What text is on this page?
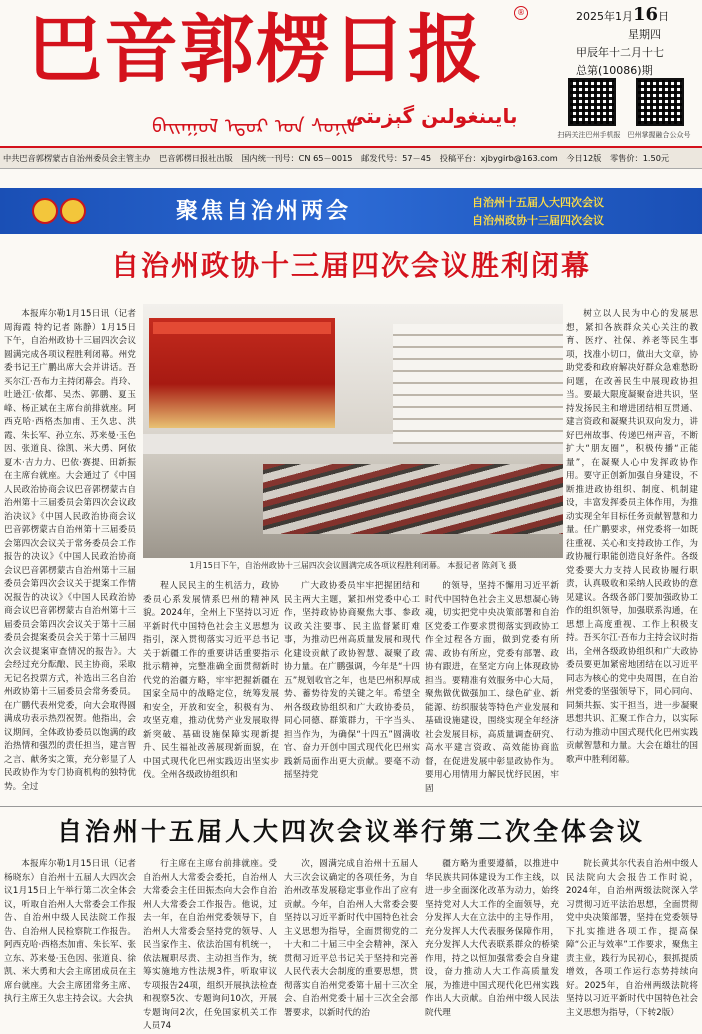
巴音郭楞日报	®
ᠪᠠᠢᠨᠭᠣᠯ ᠡᠳᠦᠷ ᠤᠨ ᠰᠣᠨᠢᠨ
بايىنغولىن گېزىتى
2025年1月16日
星期四
甲辰年十二月十七
总第(10086)期
扫码关注巴州手机报 巴州掌握融合公众号
中共巴音郭楞蒙古自治州委员会主管主办 巴音郭楞日报社出版 国内统一刊号：CN 65－0015 邮发代号：57－45 投稿平台：xjbygirb@163.com 今日12版 零售价：1.50元
聚焦自治州两会	自治州十五届人大四次会议
自治州政协十三届四次会议
自治州政协十三届四次会议胜利闭幕

本报库尔勒1月15日讯（记者 周海霞 特约记者 陈静）1月15日下午，自治州政协十三届四次会议圆满完成各项议程胜利闭幕。州党委书记王广鹏出席大会并讲话。吾买尔江·吾布力主持闭幕会。肖玲、吐逊江·依都、吴杰、郭鹏、夏玉峰、杨正斌在主席台前排就座。阿西克哈·西格杰加甫、王久忠、洪霞、朱长军、孙立东、苏来曼·玉色因、张道良、徐凯、米大勇、阿依夏木·吉力力、巴依·赛提、田新振在主席台就座。大会通过了《中国人民政治协商会议巴音郭楞蒙古自治州第十三届委员会第四次会议政治决议》《中国人民政治协商会议巴音郭楞蒙古自治州第十三届委员会第四次会议关于常务委员会工作报告的决议》《中国人民政治协商会议巴音郭楞蒙古自治州第十三届委员会第四次会议关于提案工作情况报告的决议》《中国人民政治协商会议巴音郭楞蒙古自治州第十三届委员会第四次会议关于第十三届委员会提案委员会关于第十三届四次会议提案审查情况的报告》。大会经过充分酝酿、民主协商，采取无记名投票方式，补选出三名自治州政协第十三届委员会常务委员。在广鹏代表州党委，向大会取得圆满成功表示热烈祝贺。他指出，会议期间，全体政协委员以饱满的政治热情和强烈的责任担当，建言智之言、献务实之策，充分彰显了人民政协作为专门协商机构的独特优势。全过

1月15日下午，自治州政协十三届四次会议圆满完成各项议程胜利闭幕。 本报记者 陈剑飞 摄

程人民民主的生机活力，政协委员心系发展情系巴州的精神风貌。2024年，全州上下坚持以习近平新时代中国特色社会主义思想为指引，深入贯彻落实习近平总书记关于新疆工作的重要讲话重要指示批示精神，完整准确全面贯彻新时代党的治疆方略，牢牢把握新疆在国家全局中的战略定位，统筹发展和安全，开放和安全，积极有为、攻坚克难，推动优势产业发展取得新突破、基础设施保障实现新提升、民生福祉改善展现新面貌，在中国式现代化巴州实践迈出坚实步伐。全州各级政协组织和

广大政协委员牢牢把握团结和民主两大主题，紧扣州党委中心工作，坚持政协协商聚焦大事、参政议政关注要事、民主监督紧盯难事，为推动巴州高质量发展和现代化建设贡献了政协智慧、凝聚了政协力量。在广鹏强调，今年是“十四五”规划收官之年，也是巴州积厚成势、蓄势待发的关键之年。希望全州各级政协组织和广大政协委员，同心同德、群策群力，干字当头、担当作为，为确保“十四五”圆满收官、奋力开创中国式现代化巴州实践新局面作出更大贡献。要毫不动摇坚持党

的领导，坚持不懈用习近平新时代中国特色社会主义思想凝心铸魂，切实把党中央决策部署和自治区党委工作要求贯彻落实到政协工作全过程各方面，做到党委有所需、政协有所应，党委有部署、政协有跟进，在坚定方向上体现政协担当。要精准有效服务中心大局，聚焦做优做强加工、绿色矿业、新能源、纺织服装等特色产业发展和基础设施建设，围绕实现全年经济社会发展目标，高质量调查研究、高水平建言资政、高效能协商监督，在促进发展中彰显政协作为。要用心用情用力解民忧纾民困，牢固

树立以人民为中心的发展思想，紧扣各族群众关心关注的教育、医疗、社保、养老等民生事项，找准小切口，做出大文章，协助党委和政府解决好群众急难愁盼问题，在改善民生中展现政协担当。要最大限度凝聚奋进共识，坚持发扬民主和增进团结相互贯通、建言资政和凝聚共识双向发力，讲好巴州故事、传递巴州声音，不断扩大“朋友圈”，积极传播“正能量”，在凝聚人心中发挥政协作用。要守正创新加强自身建设，不断推进政协组织、制度、机制建设，丰富发挥委员主体作用，为推动实现全年目标任务贡献智慧和力量。任广鹏要求，州党委将一如既往重视、关心和支持政协工作，为政协履行职能创造良好条件。各级党委要大力支持人民政协履行职责，认真吸收和采纳人民政协的意见建议。各级各部门要加强政协工作的组织领导，加强联系沟通，在思想上高度重视、工作上积极支持。吾买尔江·吾布力主持会议时指出，全州各级政协组织和广大政协委员要更加紧密地团结在以习近平同志为核心的党中央周围，在自治州党委的坚强领导下，同心同向、同频共振、实干担当，进一步凝聚思想共识、汇聚工作合力，以实际行动为推动中国式现代化巴州实践贡献智慧和力量。大会在雄壮的国歌声中胜利闭幕。

自治州十五届人大四次会议举行第二次全体会议

本报库尔勒1月15日讯（记者 杨晓东）自治州十五届人大四次会议1月15日上午举行第二次全体会议，听取自治州人大常委会工作报告、自治州中级人民法院工作报告、自治州人民检察院工作报告。阿西克哈·西格杰加甫、朱长军、张立东、苏来曼·玉色因、张道良、徐凯、米大勇和大会主席团成员在主席台就座。大会主席团常务主席、执行主席王久忠主持会议。大会执

行主席在主席台前排就座。受自治州人大常委会委托，自治州人大常委会主任田振杰向大会作自治州人大常委会工作报告。他说，过去一年，在自治州党委领导下，自治州人大常委会坚持党的领导、人民当家作主、依法治国有机统一，依法履职尽责、主动担当作为，统筹实施地方性法规3件，听取审议专项报告24项，组织开展执法检查和视察5次、专题询问10次，开展专题询问2次，任免国家机关工作人员74

次，圆满完成自治州十五届人大三次会议确定的各项任务，为自治州改革发展稳定事业作出了应有贡献。今年，自治州人大常委会要坚持以习近平新时代中国特色社会主义思想为指导，全面贯彻党的二十大和二十届三中全会精神，深入贯彻习近平总书记关于坚持和完善人民代表大会制度的重要思想，贯彻落实自治州党委第十届十三次全会、自治州党委十届十三次全会部署要求，以新时代的治

疆方略为重要遵循，以推进中华民族共同体建设为工作主线，以进一步全面深化改革为动力，始终坚持党对人大工作的全面领导，充分发挥人大在立法中的主导作用，充分发挥人大代表服务保障作用，充分发挥人大代表联系群众的桥梁作用，持之以恒加强常委会自身建设，奋力推动人大工作高质量发展，为推进中国式现代化巴州实践作出人大贡献。自治州中级人民法院代理

院长黄其尔代表自治州中级人民法院向大会报告工作时说，2024年，自治州两级法院深入学习贯彻习近平法治思想，全面贯彻党中央决策部署，坚持在党委领导下扎实推进各项工作，提高保障“公正与效率”工作要求，聚焦主责主业，践行为民初心，狠抓提质增效，各项工作运行态势持续向好。2025年，自治州两级法院将坚持以习近平新时代中国特色社会主义思想为指导，（下转2版）
